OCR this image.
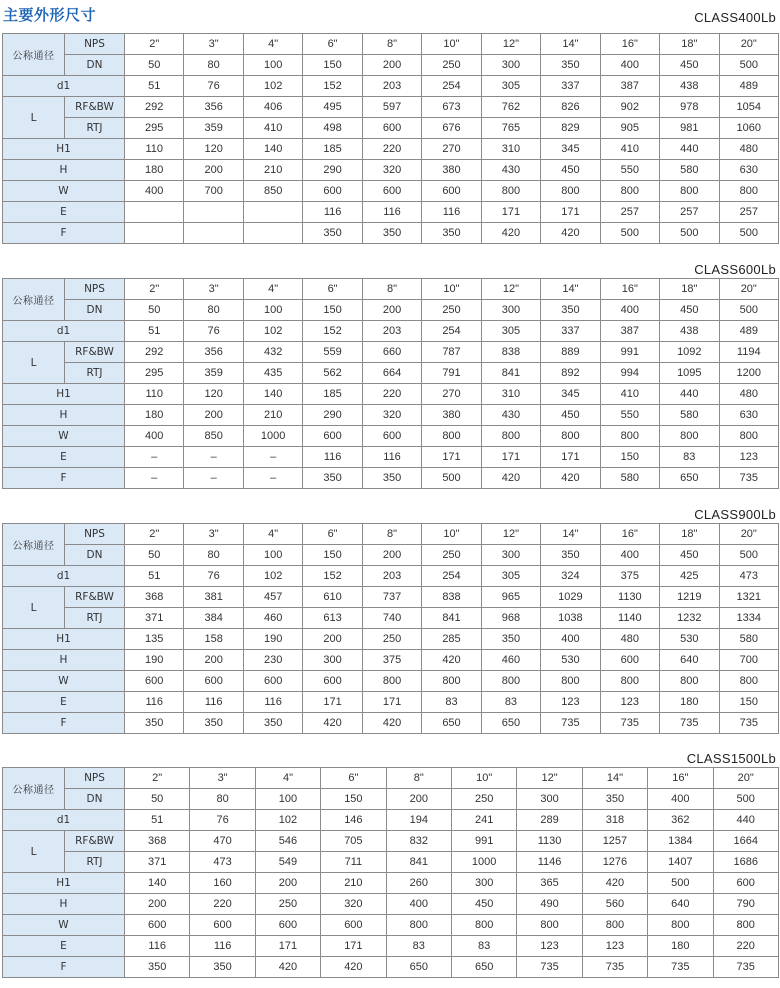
主要外形尺寸	CLASS400Lb
公称通径	NPS	2"	3"	4"	6"	8"	10"	12"	14"	16"	18"	20"
	DN	50	80	100	150	200	250	300	350	400	450	500
d1		51	76	102	152	203	254	305	337	387	438	489
L	RF&BW	292	356	406	495	597	673	762	826	902	978	1054
	RTJ	295	359	410	498	600	676	765	829	905	981	1060
H1		110	120	140	185	220	270	310	345	410	440	480
H		180	200	210	290	320	380	430	450	550	580	630
W		400	700	850	600	600	600	800	800	800	800	800
E					116	116	116	171	171	257	257	257
F					350	350	350	420	420	500	500	500
CLASS600Lb
公称通径	NPS	2"	3"	4"	6"	8"	10"	12"	14"	16"	18"	20"
	DN	50	80	100	150	200	250	300	350	400	450	500
d1		51	76	102	152	203	254	305	337	387	438	489
L	RF&BW	292	356	432	559	660	787	838	889	991	1092	1194
	RTJ	295	359	435	562	664	791	841	892	994	1095	1200
H1		110	120	140	185	220	270	310	345	410	440	480
H		180	200	210	290	320	380	430	450	550	580	630
W		400	850	1000	600	600	800	800	800	800	800	800
E		–	–	–	116	116	171	171	171	150	83	123
F		–	–	–	350	350	500	420	420	580	650	735
CLASS900Lb
公称通径	NPS	2"	3"	4"	6"	8"	10"	12"	14"	16"	18"	20"
	DN	50	80	100	150	200	250	300	350	400	450	500
d1		51	76	102	152	203	254	305	324	375	425	473
L	RF&BW	368	381	457	610	737	838	965	1029	1130	1219	1321
	RTJ	371	384	460	613	740	841	968	1038	1140	1232	1334
H1		135	158	190	200	250	285	350	400	480	530	580
H		190	200	230	300	375	420	460	530	600	640	700
W		600	600	600	600	800	800	800	800	800	800	800
E		116	116	116	171	171	83	83	123	123	180	150
F		350	350	350	420	420	650	650	735	735	735	735
CLASS1500Lb
公称通径	NPS	2"	3"	4"	6"	8"	10"	12"	14"	16"	20"
	DN	50	80	100	150	200	250	300	350	400	500
d1		51	76	102	146	194	241	289	318	362	440
L	RF&BW	368	470	546	705	832	991	1130	1257	1384	1664
	RTJ	371	473	549	711	841	1000	1146	1276	1407	1686
H1		140	160	200	210	260	300	365	420	500	600
H		200	220	250	320	400	450	490	560	640	790
W		600	600	600	600	800	800	800	800	800	800
E		116	116	171	171	83	83	123	123	180	220
F		350	350	420	420	650	650	735	735	735	735
